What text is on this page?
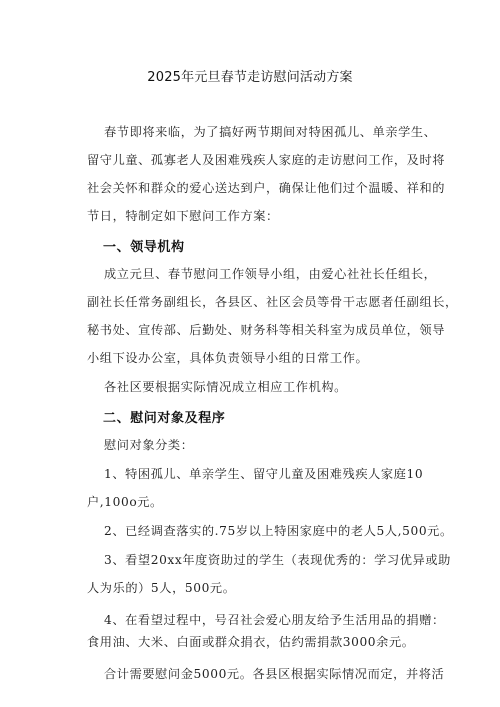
2025年元旦春节走访慰问活动方案
春节即将来临，为了搞好两节期间对特困孤儿、单亲学生、
留守儿童、孤寡老人及困难残疾人家庭的走访慰问工作，及时将
社会关怀和群众的爱心送达到户，确保让他们过个温暖、祥和的
节日，特制定如下慰问工作方案：
一、领导机构
成立元旦、春节慰问工作领导小组，由爱心社社长任组长，
副社长任常务副组长，各县区、社区会员等骨干志愿者任副组长，
秘书处、宣传部、后勤处、财务科等相关科室为成员单位，领导
小组下设办公室，具体负责领导小组的日常工作。
各社区要根据实际情况成立相应工作机构。
二、慰问对象及程序
慰问对象分类：
1、特困孤儿、单亲学生、留守儿童及困难残疾人家庭10
户,100o元。
2、已经调查落实的.75岁以上特困家庭中的老人5人,500元。
3、看望20xx年度资助过的学生（表现优秀的：学习优异或助
人为乐的）5人，500元。
4、在看望过程中，号召社会爱心朋友给予生活用品的捐赠：
食用油、大米、白面或群众捐衣，估约需捐款3000余元。
合计需要慰问金5000元。各县区根据实际情况而定，并将活
